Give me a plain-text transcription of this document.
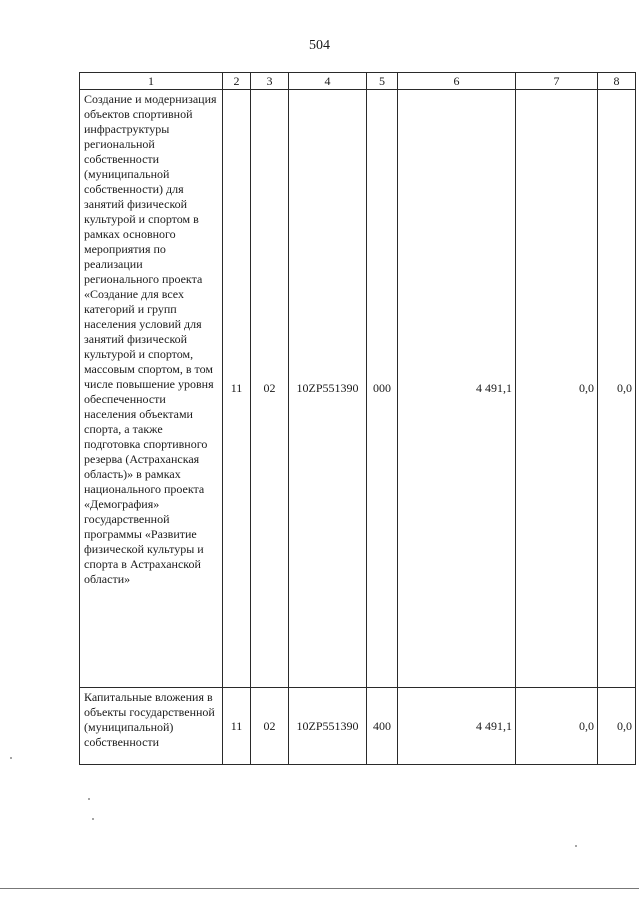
504
1	2	3	4	5	6	7	8
Создание и модернизация объектов спортивной инфраструктуры региональной собственности (муниципальной собственности) для занятий физической культурой и спортом в рамках основного мероприятия по реализации регионального проекта «Создание для всех категорий и групп населения условий для занятий физической культурой и спортом, массовым спортом, в том числе повышение уровня обеспеченности населения объектами спорта, а также подготовка спортивного резерва (Астраханская область)» в рамках национального проекта «Демография» государственной программы «Развитие физической культуры и спорта в Астраханской области»	11	02	10ZP551390	000	4 491,1	0,0	0,0
Капитальные вложения в объекты государственной (муниципальной) собственности	11	02	10ZP551390	400	4 491,1	0,0	0,0
